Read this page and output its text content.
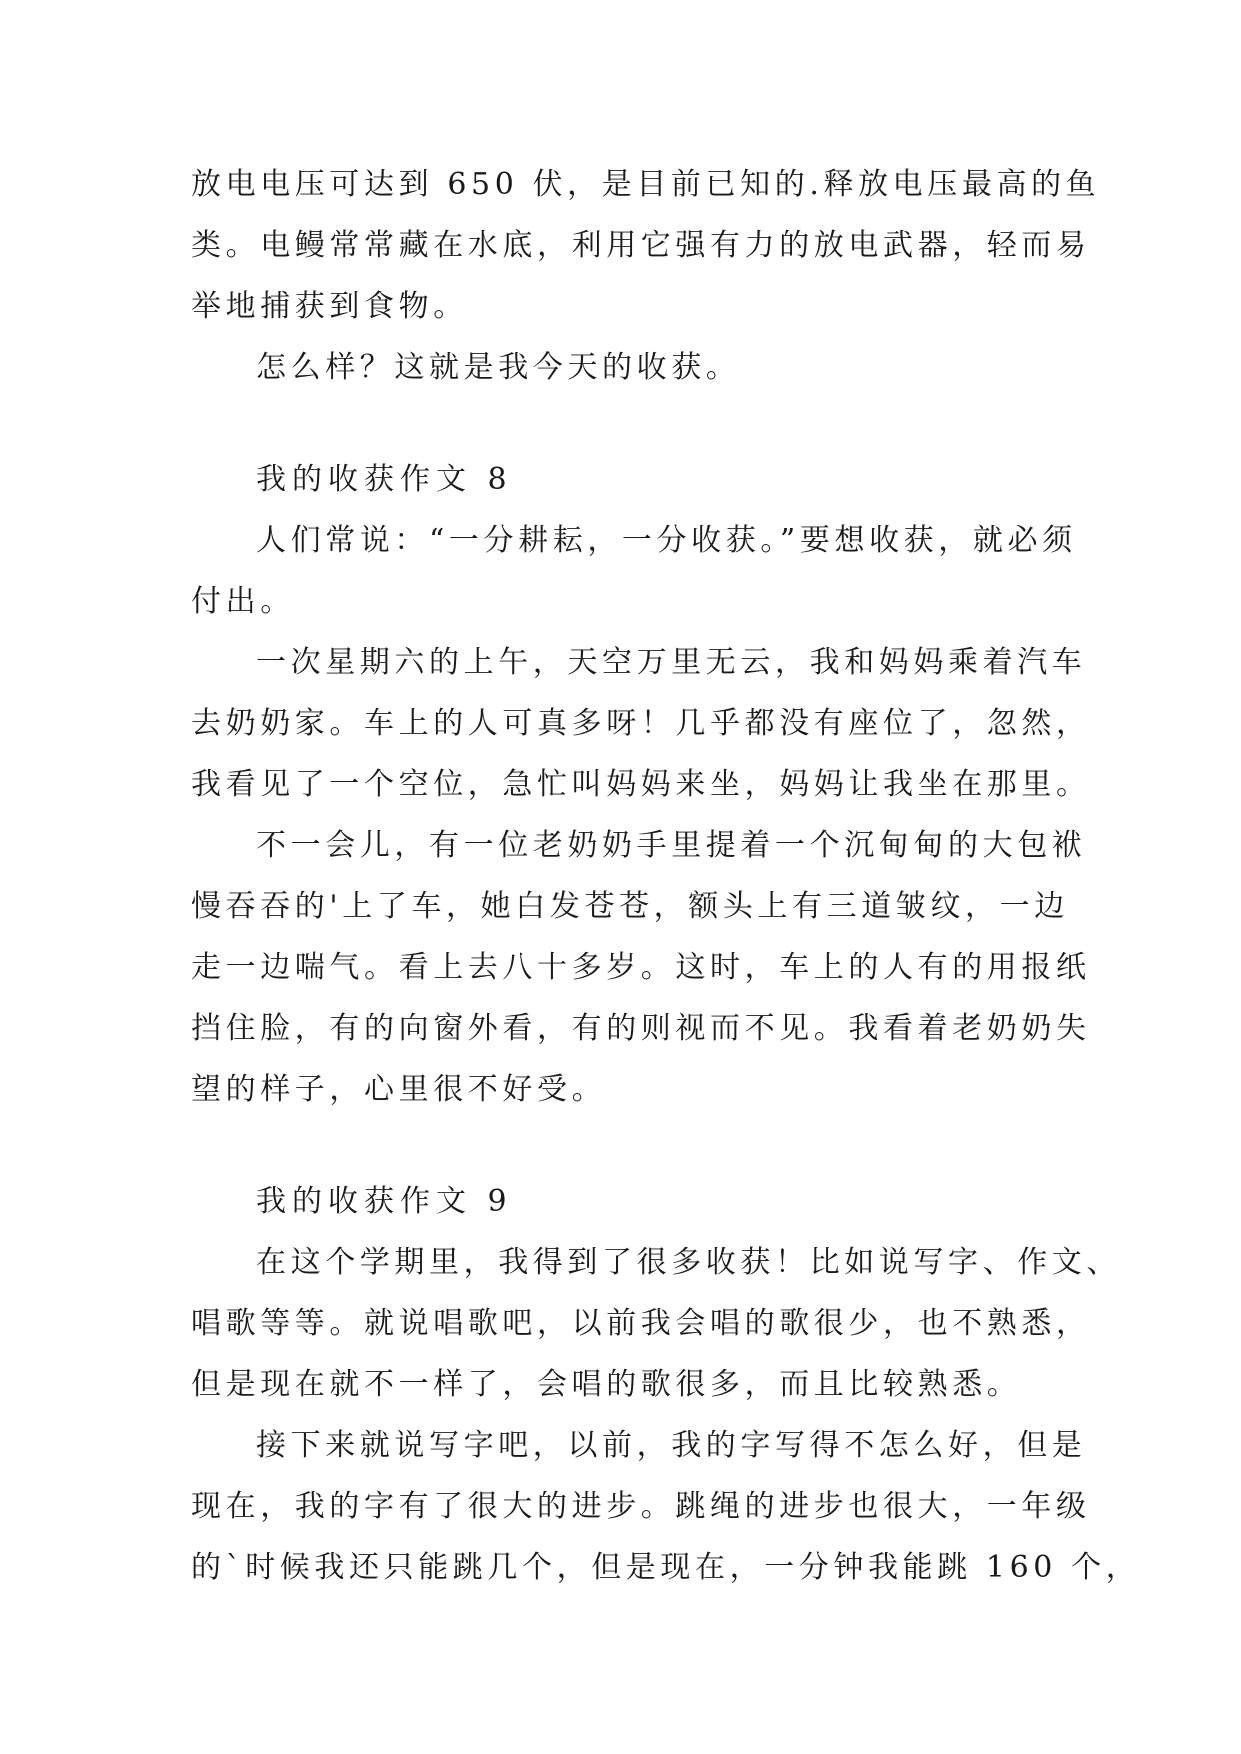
放电电压可达到 650 伏，是目前已知的.释放电压最高的鱼
类。电鳗常常藏在水底，利用它强有力的放电武器，轻而易
举地捕获到食物。
怎么样？这就是我今天的收获。
我的收获作文 8
人们常说：“一分耕耘，一分收获。”要想收获，就必须
付出。
一次星期六的上午，天空万里无云，我和妈妈乘着汽车
去奶奶家。车上的人可真多呀！几乎都没有座位了，忽然，
我看见了一个空位，急忙叫妈妈来坐，妈妈让我坐在那里。
不一会儿，有一位老奶奶手里提着一个沉甸甸的大包袱
慢吞吞的'上了车，她白发苍苍，额头上有三道皱纹，一边
走一边喘气。看上去八十多岁。这时，车上的人有的用报纸
挡住脸，有的向窗外看，有的则视而不见。我看着老奶奶失
望的样子，心里很不好受。
我的收获作文 9
在这个学期里，我得到了很多收获！比如说写字、作文、
唱歌等等。就说唱歌吧，以前我会唱的歌很少，也不熟悉，
但是现在就不一样了，会唱的歌很多，而且比较熟悉。
接下来就说写字吧，以前，我的字写得不怎么好，但是
现在，我的字有了很大的进步。跳绳的进步也很大，一年级
的`时候我还只能跳几个，但是现在，一分钟我能跳 160 个，
